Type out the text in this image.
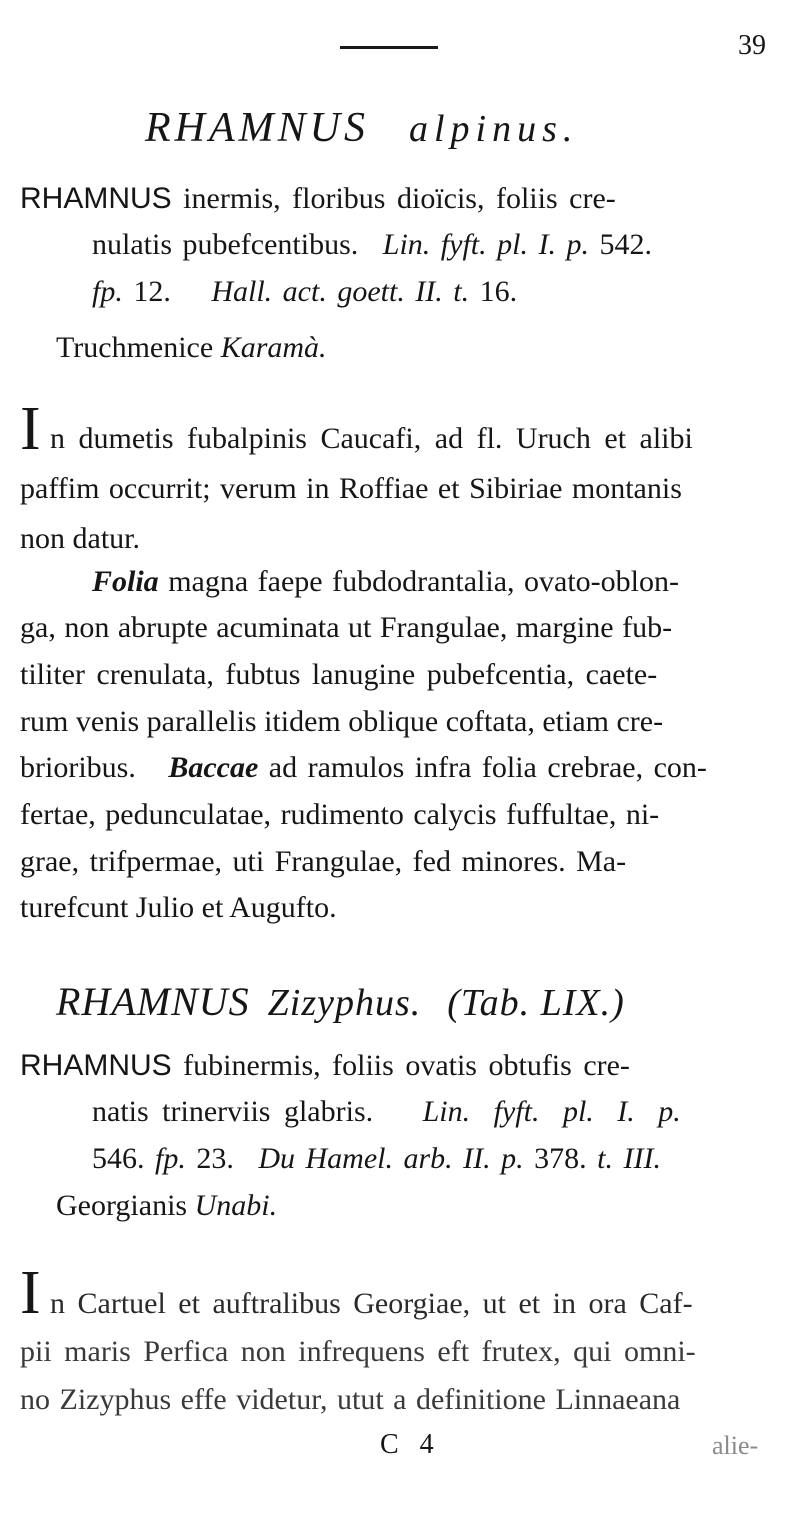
39
RHAMNUS alpinus.
RHAMNUS inermis, floribus dioïcis, foliis cre-
nulatis pubefcentibus. Lin. fyft. pl. I. p. 542.
fp. 12. Hall. act. goett. II. t. 16.
Truchmenice Karamà.
I n dumetis fubalpinis Caucafi, ad fl. Uruch et alibi
paffim occurrit; verum in Roffiae et Sibiriae montanis
non datur.
Folia magna faepe fubdodrantalia, ovato-oblon-
ga, non abrupte acuminata ut Frangulae, margine fub-
tiliter crenulata, fubtus lanugine pubefcentia, caete-
rum venis parallelis itidem oblique coftata, etiam cre-
brioribus. Baccae ad ramulos infra folia crebrae, con-
fertae, pedunculatae, rudimento calycis fuffultae, ni-
grae, trifpermae, uti Frangulae, fed minores. Ma-
turefcunt Julio et Augufto.
RHAMNUS Zizyphus. (Tab. LIX.)
RHAMNUS fubinermis, foliis ovatis obtufis cre-
natis trinerviis glabris. Lin. fyft. pl. I. p.
546. fp. 23. Du Hamel. arb. II. p. 378. t. III.
Georgianis Unabi.
I n Cartuel et auftralibus Georgiae, ut et in ora Caf-
pii maris Perfica non infrequens eft frutex, qui omni-
no Zizyphus effe videtur, utut a definitione Linnaeana
C 4	alie-
